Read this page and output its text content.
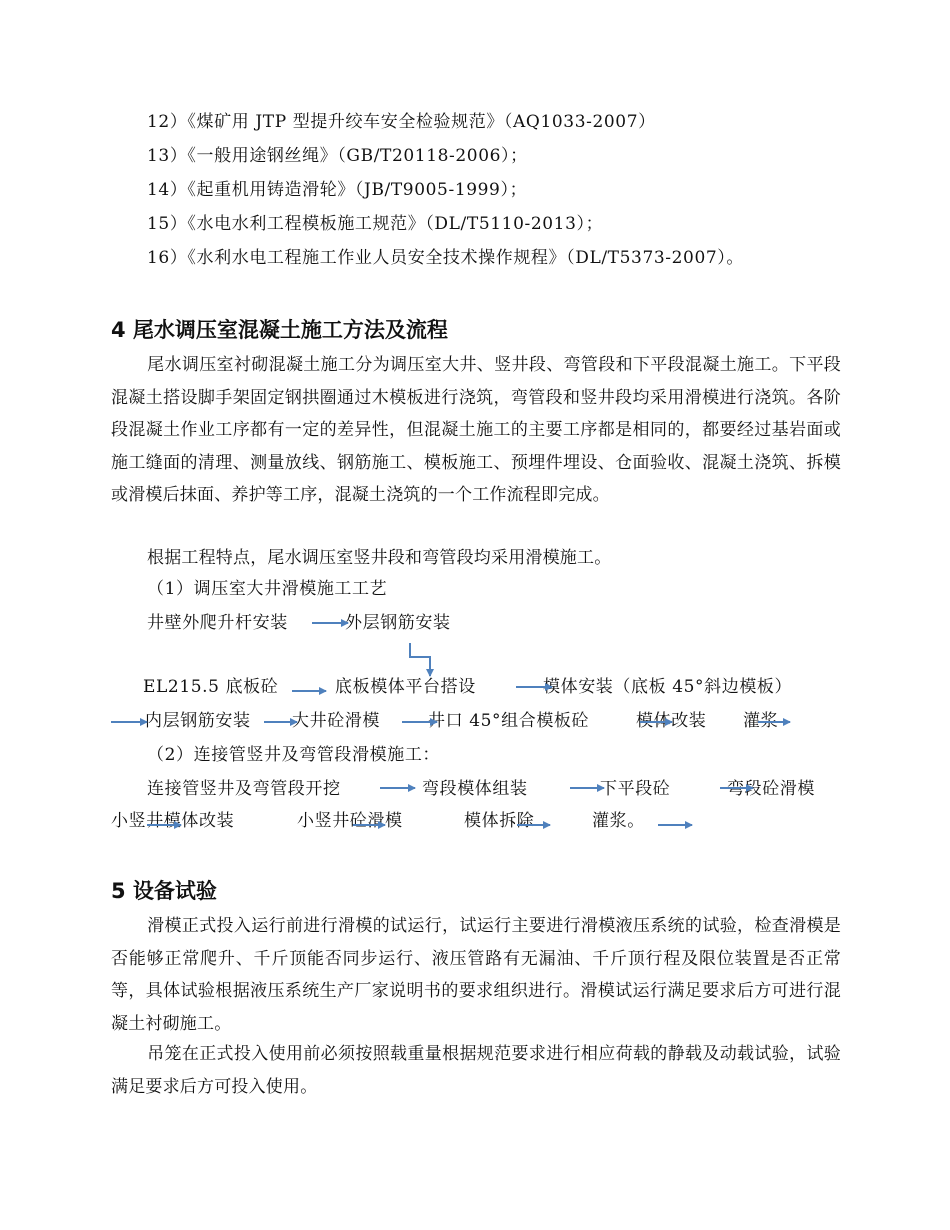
12）《煤矿用 JTP 型提升绞车安全检验规范》（AQ1033-2007）
13）《一般用途钢丝绳》（GB/T20118-2006）；
14）《起重机用铸造滑轮》（JB/T9005-1999）；
15）《水电水利工程模板施工规范》（DL/T5110-2013）；
16）《水利水电工程施工作业人员安全技术操作规程》（DL/T5373-2007）。
4 尾水调压室混凝土施工方法及流程
尾水调压室衬砌混凝土施工分为调压室大井、竖井段、弯管段和下平段混凝土施工。下平段混凝土搭设脚手架固定钢拱圈通过木模板进行浇筑，弯管段和竖井段均采用滑模进行浇筑。各阶段混凝土作业工序都有一定的差异性，但混凝土施工的主要工序都是相同的，都要经过基岩面或施工缝面的清理、测量放线、钢筋施工、模板施工、预埋件埋设、仓面验收、混凝土浇筑、拆模或滑模后抹面、养护等工序，混凝土浇筑的一个工作流程即完成。
根据工程特点，尾水调压室竖井段和弯管段均采用滑模施工。
（1）调压室大井滑模施工工艺
井壁外爬升杆安装	外层钢筋安装
EL215.5 底板砼	底板模体平台搭设	模体安装（底板 45°斜边模板）
内层钢筋安装 大井砼滑模	井口 45°组合模板砼	模体改装 灌浆
（2）连接管竖井及弯管段滑模施工：
连接管竖井及弯管段开挖	弯段模体组装	下平段砼	弯段砼滑模
小竖井模体改装	小竖井砼滑模	模体拆除	灌浆。
5 设备试验
滑模正式投入运行前进行滑模的试运行，试运行主要进行滑模液压系统的试验，检查滑模是否能够正常爬升、千斤顶能否同步运行、液压管路有无漏油、千斤顶行程及限位装置是否正常等，具体试验根据液压系统生产厂家说明书的要求组织进行。滑模试运行满足要求后方可进行混凝土衬砌施工。
吊笼在正式投入使用前必须按照载重量根据规范要求进行相应荷载的静载及动载试验，试验满足要求后方可投入使用。
